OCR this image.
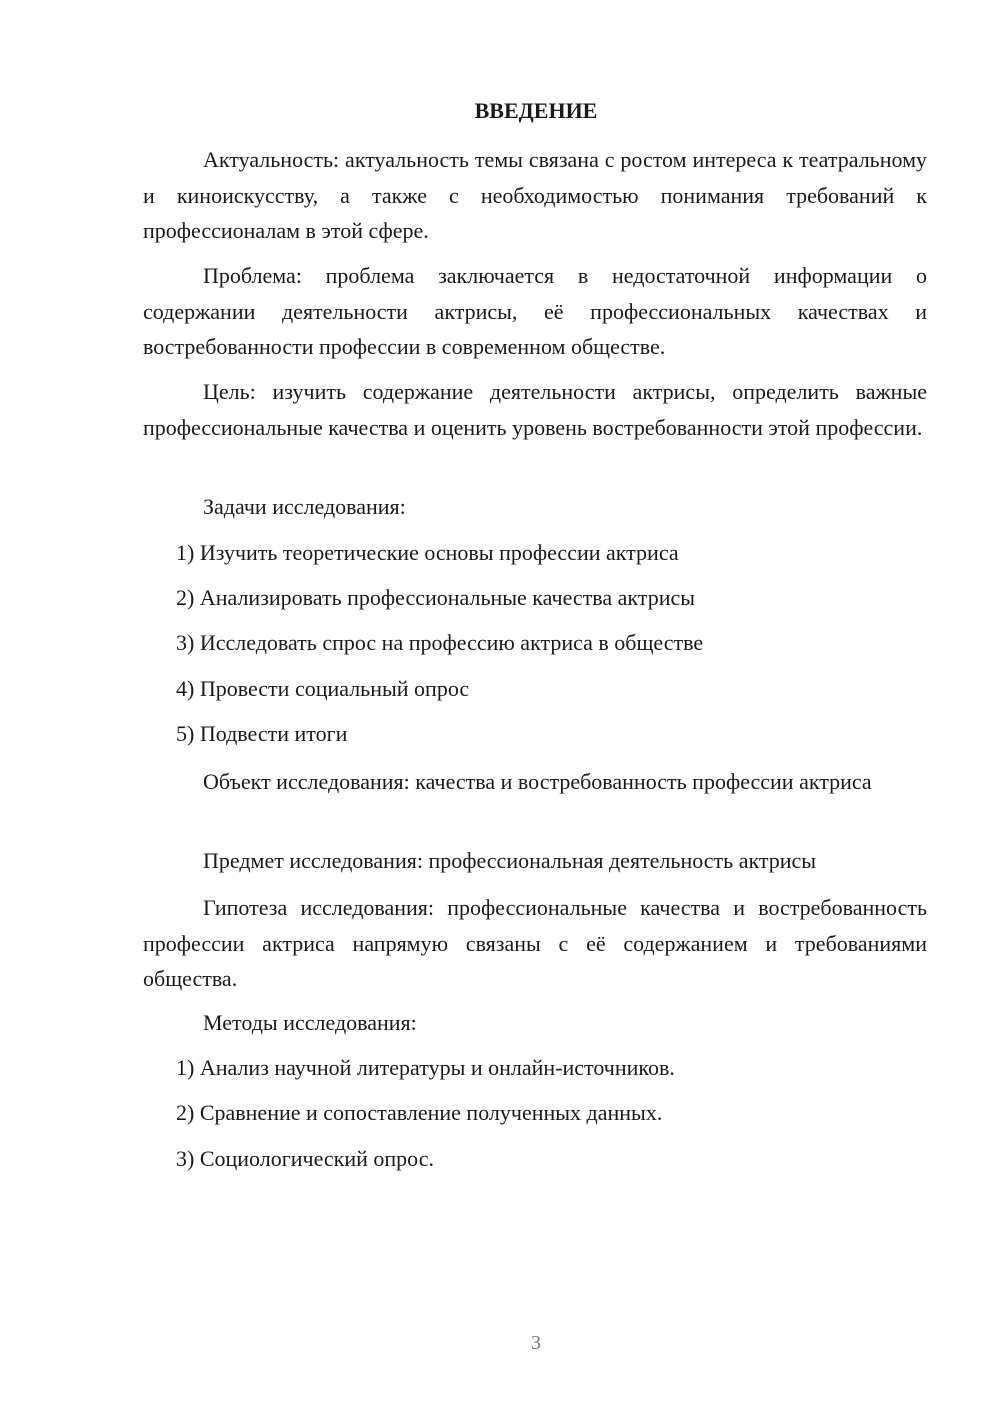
ВВЕДЕНИЕ

Актуальность: актуальность темы связана с ростом интереса к театральному и киноискусству, а также с необходимостью понимания требований к профессионалам в этой сфере.

Проблема: проблема заключается в недостаточной информации о содержании деятельности актрисы, её профессиональных качествах и востребованности профессии в современном обществе.

Цель: изучить содержание деятельности актрисы, определить важные профессиональные качества и оценить уровень востребованности этой профессии.

Задачи исследования:
1) Изучить теоретические основы профессии актриса
2) Анализировать профессиональные качества актрисы
3) Исследовать спрос на профессию актриса в обществе
4) Провести социальный опрос
5) Подвести итоги

Объект исследования: качества и востребованность профессии актриса

Предмет исследования: профессиональная деятельность актрисы

Гипотеза исследования: профессиональные качества и востребованность профессии актриса напрямую связаны с её содержанием и требованиями общества.

Методы исследования:
1) Анализ научной литературы и онлайн-источников.
2) Сравнение и сопоставление полученных данных.
3) Социологический опрос.
3
